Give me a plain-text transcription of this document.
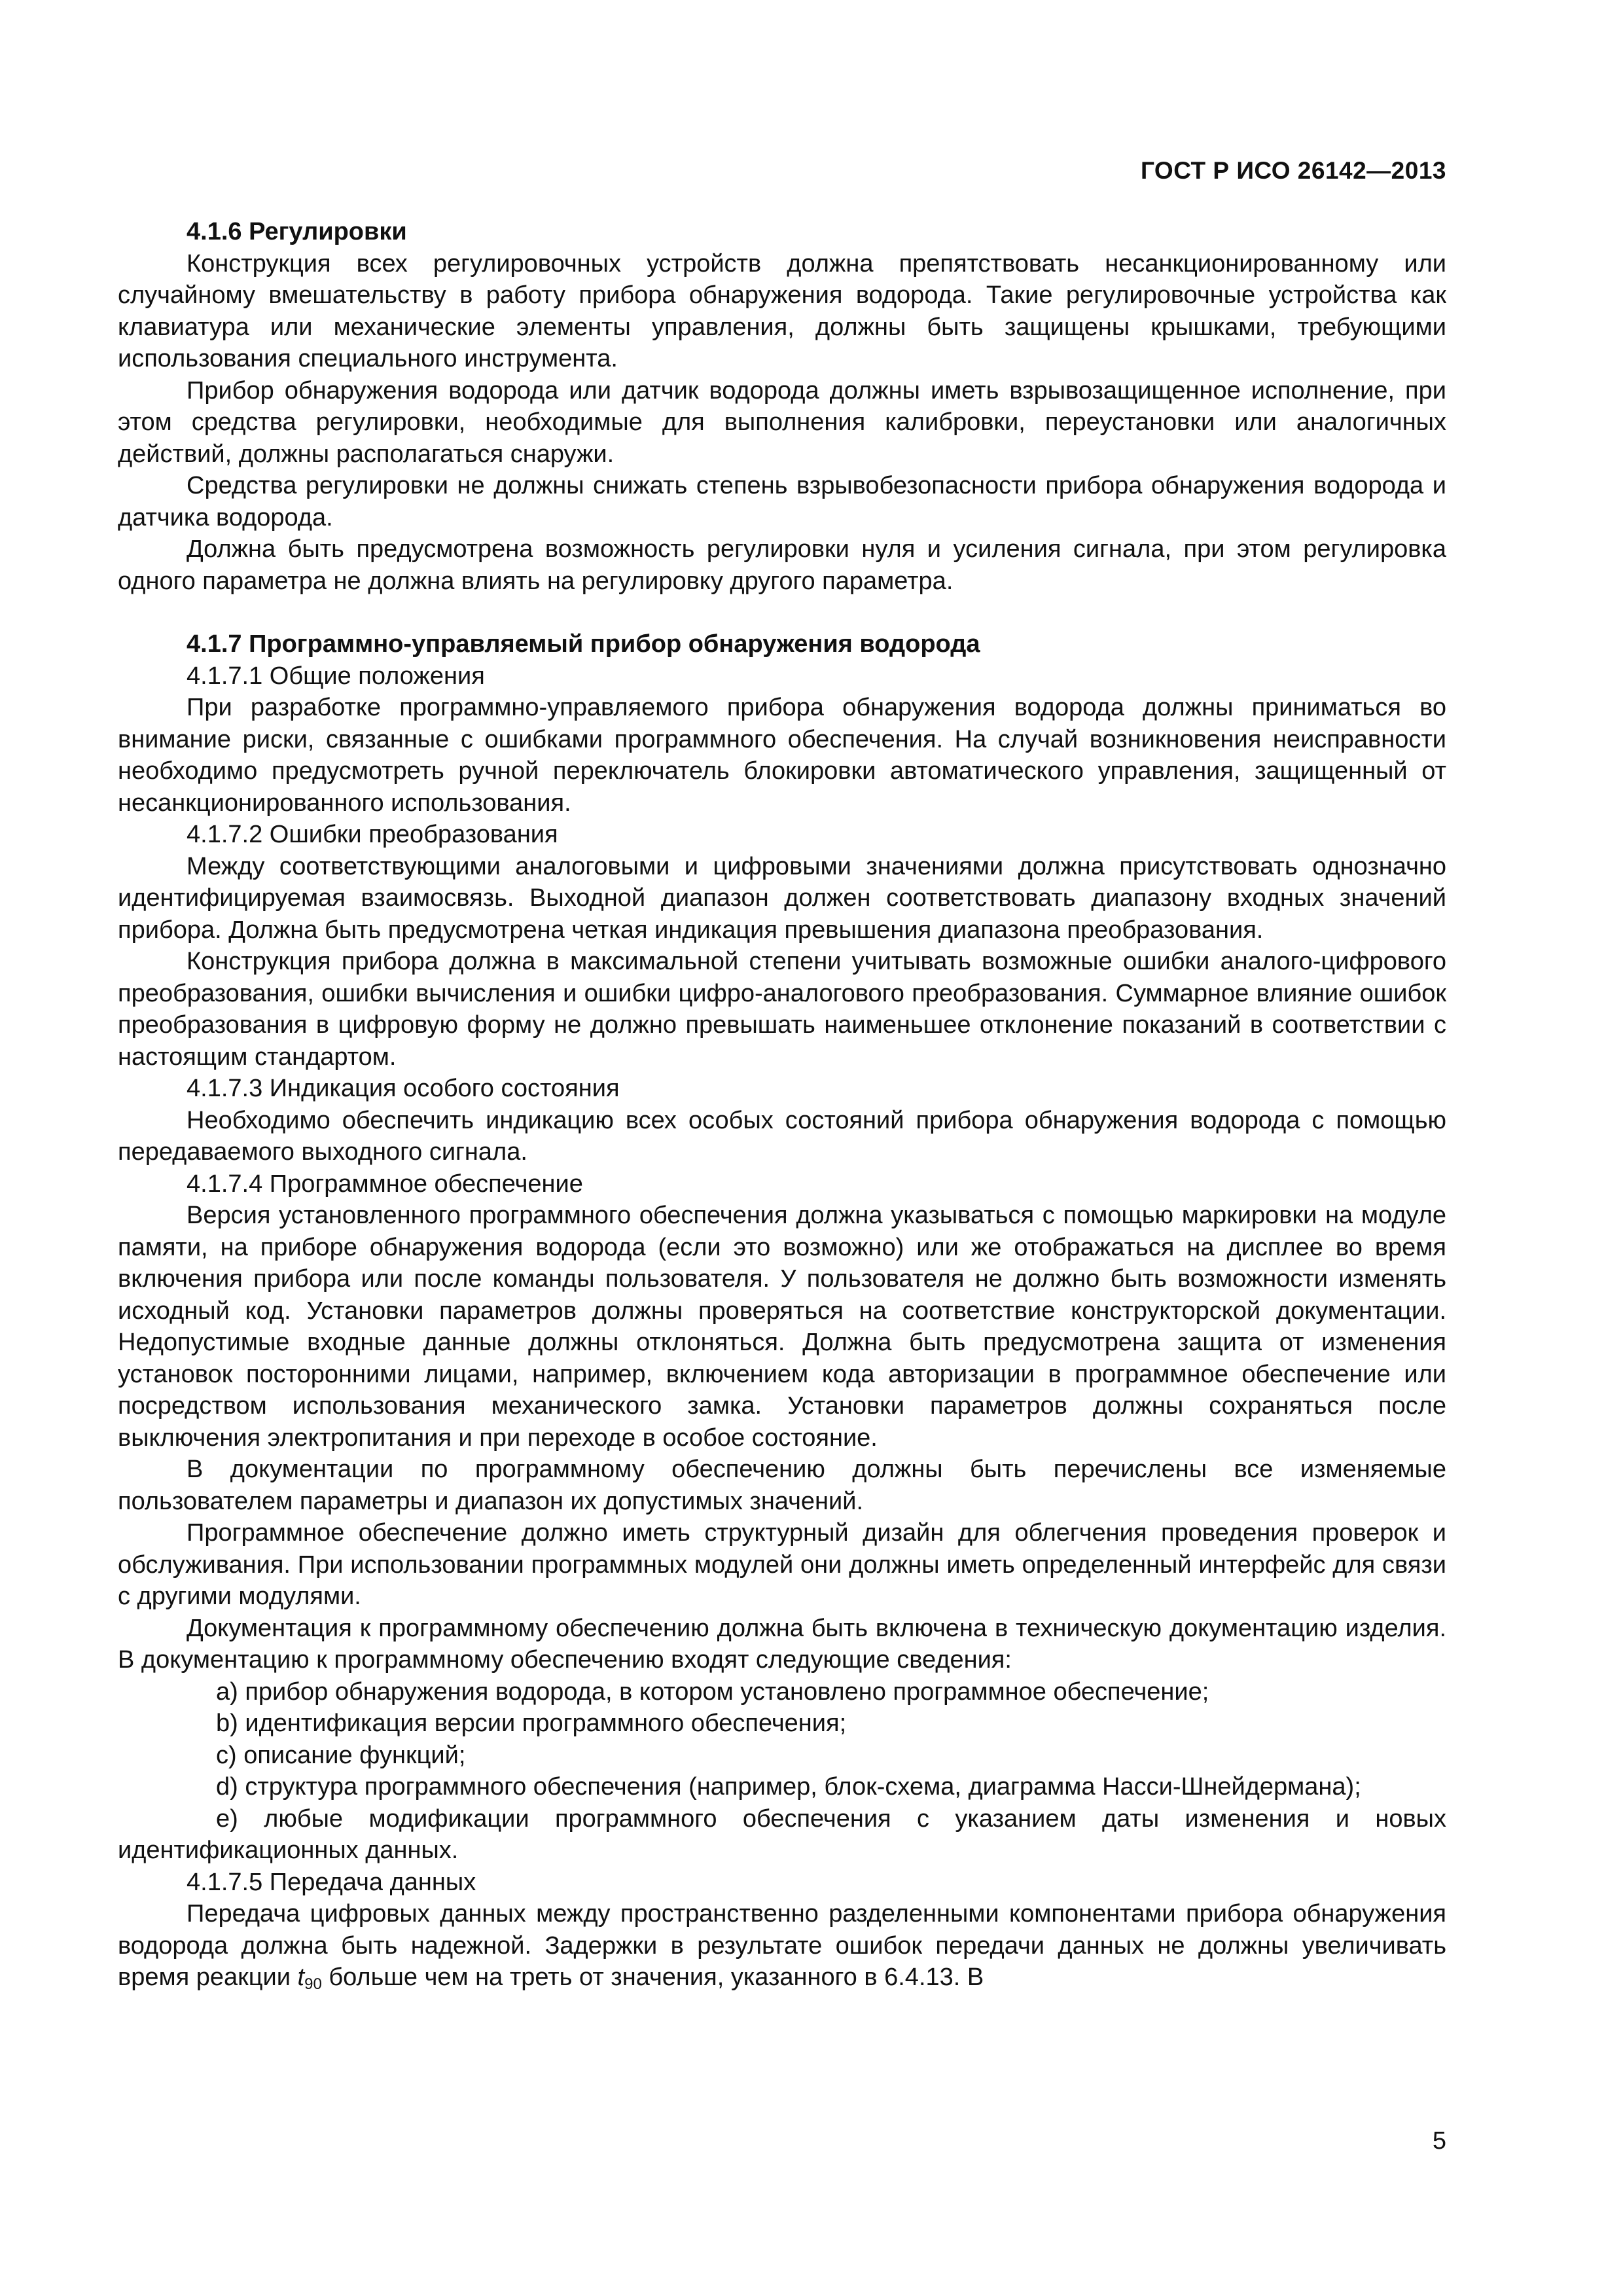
ГОСТ Р ИСО 26142—2013

4.1.6 Регулировки

Конструкция всех регулировочных устройств должна препятствовать несанкционированному или случайному вмешательству в работу прибора обнаружения водорода. Такие регулировочные устройства как клавиатура или механические элементы управления, должны быть защищены крышками, требующими использования специального инструмента.

Прибор обнаружения водорода или датчик водорода должны иметь взрывозащищенное исполнение, при этом средства регулировки, необходимые для выполнения калибровки, переустановки или аналогичных действий, должны располагаться снаружи.

Средства регулировки не должны снижать степень взрывобезопасности прибора обнаружения водорода и датчика водорода.

Должна быть предусмотрена возможность регулировки нуля и усиления сигнала, при этом регулировка одного параметра не должна влиять на регулировку другого параметра.

4.1.7 Программно-управляемый прибор обнаружения водорода

4.1.7.1 Общие положения

При разработке программно-управляемого прибора обнаружения водорода должны приниматься во внимание риски, связанные с ошибками программного обеспечения. На случай возникновения неисправности необходимо предусмотреть ручной переключатель блокировки автоматического управления, защищенный от несанкционированного использования.

4.1.7.2 Ошибки преобразования

Между соответствующими аналоговыми и цифровыми значениями должна присутствовать однозначно идентифицируемая взаимосвязь. Выходной диапазон должен соответствовать диапазону входных значений прибора. Должна быть предусмотрена четкая индикация превышения диапазона преобразования.

Конструкция прибора должна в максимальной степени учитывать возможные ошибки аналого-цифрового преобразования, ошибки вычисления и ошибки цифро-аналогового преобразования. Суммарное влияние ошибок преобразования в цифровую форму не должно превышать наименьшее отклонение показаний в соответствии с настоящим стандартом.

4.1.7.3 Индикация особого состояния

Необходимо обеспечить индикацию всех особых состояний прибора обнаружения водорода с помощью передаваемого выходного сигнала.

4.1.7.4 Программное обеспечение

Версия установленного программного обеспечения должна указываться с помощью маркировки на модуле памяти, на приборе обнаружения водорода (если это возможно) или же отображаться на дисплее во время включения прибора или после команды пользователя. У пользователя не должно быть возможности изменять исходный код. Установки параметров должны проверяться на соответствие конструкторской документации. Недопустимые входные данные должны отклоняться. Должна быть предусмотрена защита от изменения установок посторонними лицами, например, включением кода авторизации в программное обеспечение или посредством использования механического замка. Установки параметров должны сохраняться после выключения электропитания и при переходе в особое состояние.

В документации по программному обеспечению должны быть перечислены все изменяемые пользователем параметры и диапазон их допустимых значений.

Программное обеспечение должно иметь структурный дизайн для облегчения проведения проверок и обслуживания. При использовании программных модулей они должны иметь определенный интерфейс для связи с другими модулями.

Документация к программному обеспечению должна быть включена в техническую документацию изделия. В документацию к программному обеспечению входят следующие сведения:

a) прибор обнаружения водорода, в котором установлено программное обеспечение;

b) идентификация версии программного обеспечения;

c) описание функций;

d) структура программного обеспечения (например, блок-схема, диаграмма Насси-Шнейдермана);

e) любые модификации программного обеспечения с указанием даты изменения и новых идентификационных данных.

4.1.7.5 Передача данных

Передача цифровых данных между пространственно разделенными компонентами прибора обнаружения водорода должна быть надежной. Задержки в результате ошибок передачи данных не должны увеличивать время реакции $t_{90}$ больше чем на треть от значения, указанного в 6.4.13. В

5
